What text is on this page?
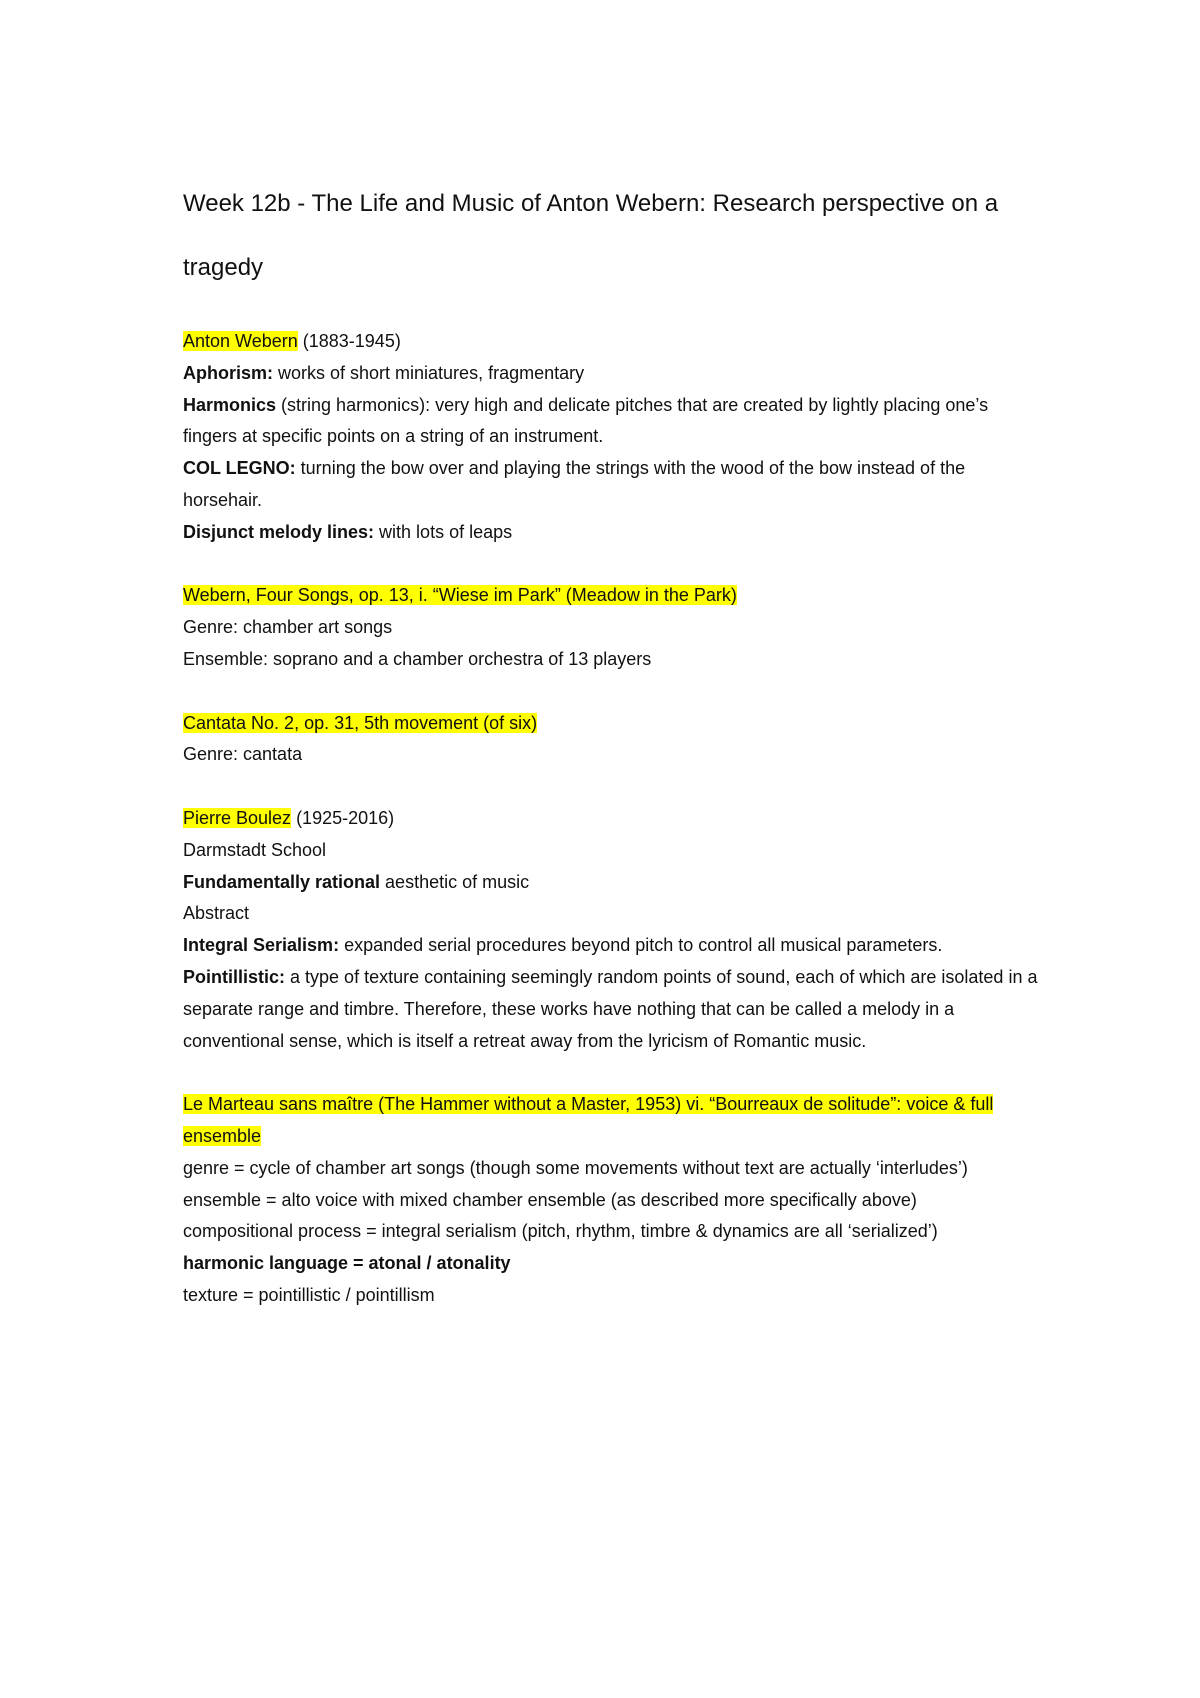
Week 12b - The Life and Music of Anton Webern: Research perspective on a tragedy
Anton Webern (1883-1945)
Aphorism: works of short miniatures, fragmentary
Harmonics (string harmonics): very high and delicate pitches that are created by lightly placing one’s fingers at specific points on a string of an instrument.
COL LEGNO: turning the bow over and playing the strings with the wood of the bow instead of the horsehair.
Disjunct melody lines: with lots of leaps
Webern, Four Songs, op. 13, i. “Wiese im Park” (Meadow in the Park)
Genre: chamber art songs
Ensemble: soprano and a chamber orchestra of 13 players
Cantata No. 2, op. 31, 5th movement (of six)
Genre: cantata
Pierre Boulez (1925-2016)
Darmstadt School
Fundamentally rational aesthetic of music
Abstract
Integral Serialism: expanded serial procedures beyond pitch to control all musical parameters.
Pointillistic: a type of texture containing seemingly random points of sound, each of which are isolated in a separate range and timbre. Therefore, these works have nothing that can be called a melody in a conventional sense, which is itself a retreat away from the lyricism of Romantic music.
Le Marteau sans maître (The Hammer without a Master, 1953) vi. “Bourreaux de solitude”: voice & full ensemble
genre = cycle of chamber art songs (though some movements without text are actually ‘interludes’)
ensemble = alto voice with mixed chamber ensemble (as described more specifically above)
compositional process = integral serialism (pitch, rhythm, timbre & dynamics are all ‘serialized’)
harmonic language = atonal / atonality
texture = pointillistic / pointillism
